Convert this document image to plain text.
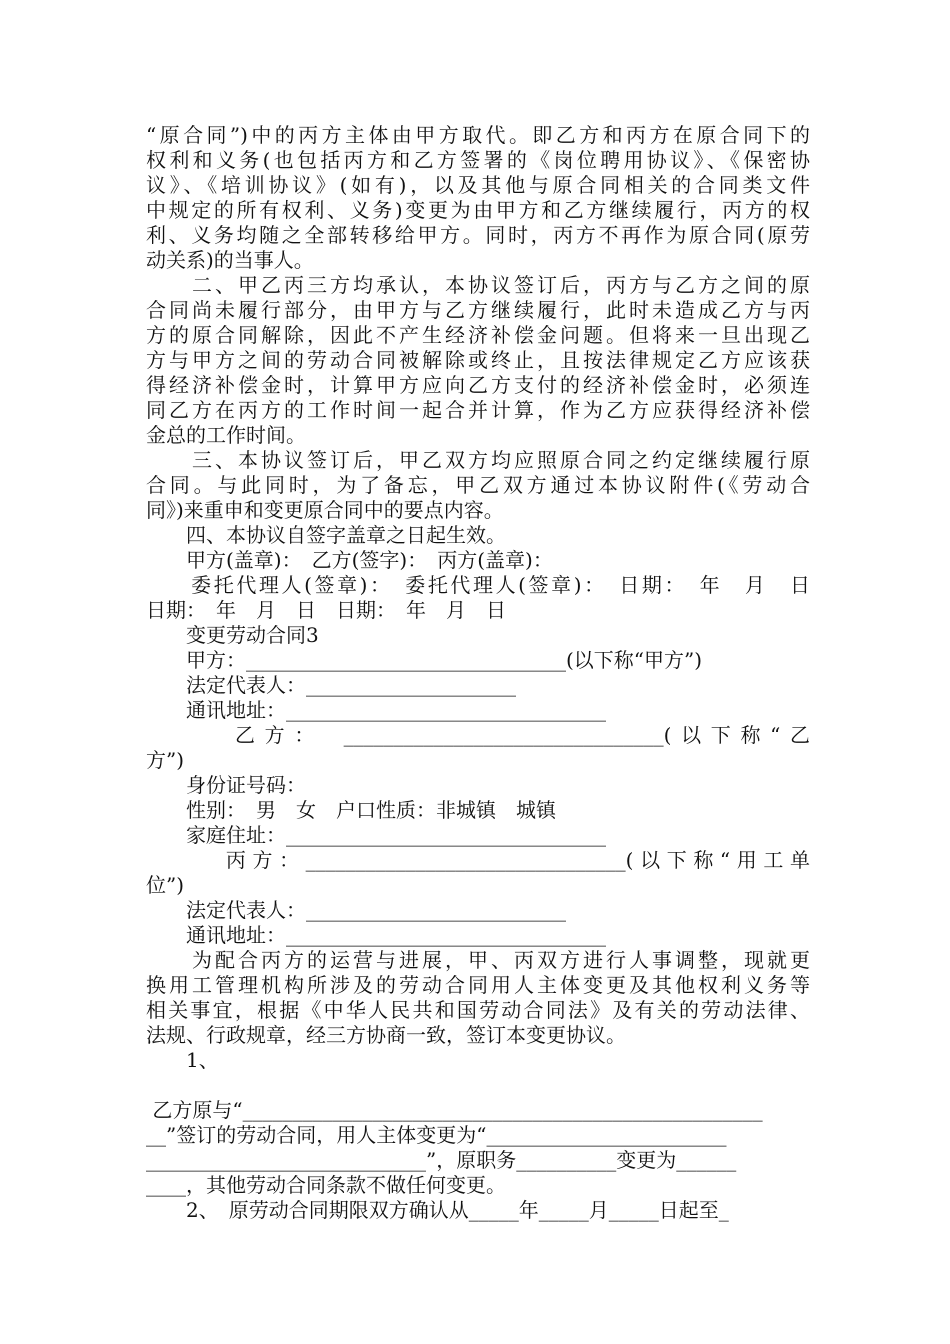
“原合同”)中的丙方主体由甲方取代。即乙方和丙方在原合同下的
权利和义务(也包括丙方和乙方签署的《岗位聘用协议》、《保密协
议》、《培训协议》(如有)，以及其他与原合同相关的合同类文件
中规定的所有权利、义务)变更为由甲方和乙方继续履行，丙方的权
利、义务均随之全部转移给甲方。同时，丙方不再作为原合同(原劳
动关系)的当事人。
　　二、甲乙丙三方均承认，本协议签订后，丙方与乙方之间的原
合同尚未履行部分，由甲方与乙方继续履行，此时未造成乙方与丙
方的原合同解除，因此不产生经济补偿金问题。但将来一旦出现乙
方与甲方之间的劳动合同被解除或终止，且按法律规定乙方应该获
得经济补偿金时，计算甲方应向乙方支付的经济补偿金时，必须连
同乙方在丙方的工作时间一起合并计算，作为乙方应获得经济补偿
金总的工作时间。
　　三、本协议签订后，甲乙双方均应照原合同之约定继续履行原
合同。与此同时，为了备忘，甲乙双方通过本协议附件(《劳动合
同》)来重申和变更原合同中的要点内容。
　　四、本协议自签字盖章之日起生效。
　　甲方(盖章)：　乙方(签字)：　丙方(盖章)：
　　委托代理人(签章)：　委托代理人(签章)：　日期：　年　月　日
日期：　年　月　日　日期：　年　月　日
　　变更劳动合同3
　　甲方：________________________________(以下称“甲方”)
　　法定代表人：_____________________
　　通讯地址：________________________________
　　　乙方：　________________________________(以下称“乙
方”)
　　身份证号码：
　　性别：　男　女　户口性质：非城镇　城镇
　　家庭住址：________________________________
　　　丙方：________________________________(以下称“用工单
位”)
　　法定代表人：__________________________
　　通讯地址：________________________________
　　为配合丙方的运营与进展，甲、丙双方进行人事调整，现就更
换用工管理机构所涉及的劳动合同用人主体变更及其他权利义务等
相关事宜，根据《中华人民共和国劳动合同法》及有关的劳动法律、
法规、行政规章，经三方协商一致，签订本变更协议。
　　1、
乙方原与“____________________________________________________
__”签订的劳动合同，用人主体变更为“________________________
____________________________”，原职务__________变更为______
____，其他劳动合同条款不做任何变更。
　　2、　原劳动合同期限双方确认从_____年_____月_____日起至_
